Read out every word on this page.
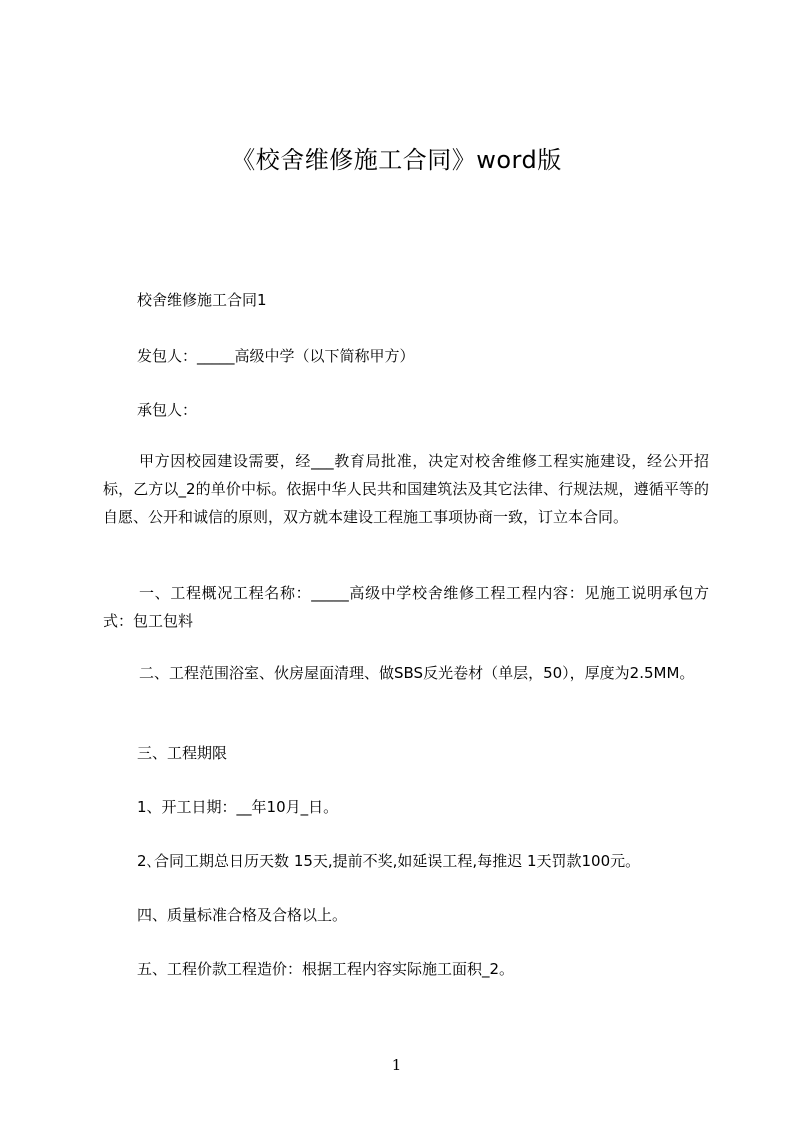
《校舍维修施工合同》word版
校舍维修施工合同1
发包人：_____高级中学（以下简称甲方）
承包人：
甲方因校园建设需要，经___教育局批准，决定对校舍维修工程实施建设，经公开招标，乙方以_2的单价中标。依据中华人民共和国建筑法及其它法律、行规法规，遵循平等的自愿、公开和诚信的原则，双方就本建设工程施工事项协商一致，订立本合同。
一、工程概况工程名称：_____高级中学校舍维修工程工程内容：见施工说明承包方式：包工包料
二、工程范围浴室、伙房屋面清理、做SBS反光卷材（单层，50），厚度为2.5MM。
三、工程期限
1、开工日期：__年10月_日。
2､合同工期总日历天数 15天,提前不奖,如延误工程,每推迟 1天罚款100元。
四、质量标准合格及合格以上。
五、工程价款工程造价：根据工程内容实际施工面积_2。
1
